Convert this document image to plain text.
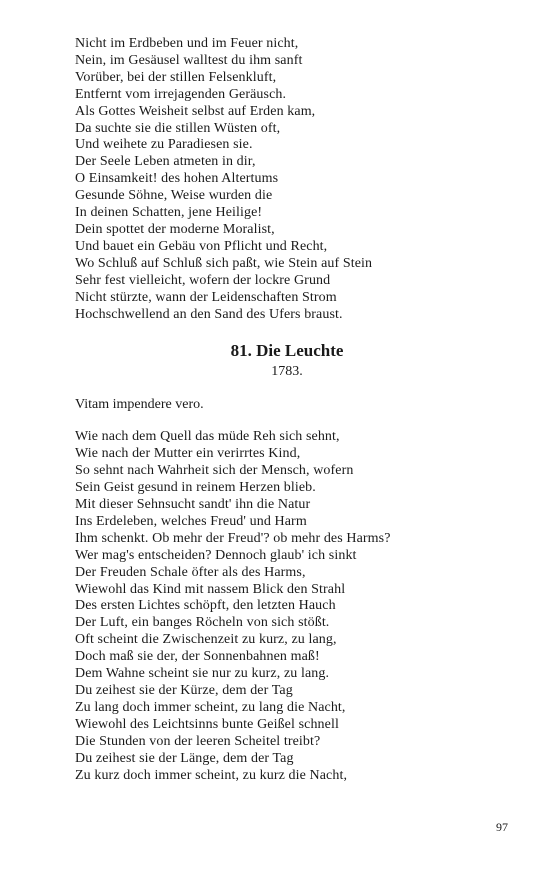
Nicht im Erdbeben und im Feuer nicht,
Nein, im Gesäusel walltest du ihm sanft
Vorüber, bei der stillen Felsenkluft,
Entfernt vom irrejagenden Geräusch.
Als Gottes Weisheit selbst auf Erden kam,
Da suchte sie die stillen Wüsten oft,
Und weihete zu Paradiesen sie.
Der Seele Leben atmeten in dir,
O Einsamkeit! des hohen Altertums
Gesunde Söhne, Weise wurden die
In deinen Schatten, jene Heilige!
Dein spottet der moderne Moralist,
Und bauet ein Gebäu von Pflicht und Recht,
Wo Schluß auf Schluß sich paßt, wie Stein auf Stein
Sehr fest vielleicht, wofern der lockre Grund
Nicht stürzte, wann der Leidenschaften Strom
Hochschwellend an den Sand des Ufers braust.
81. Die Leuchte
1783.
Vitam impendere vero.
Wie nach dem Quell das müde Reh sich sehnt,
Wie nach der Mutter ein verirrtes Kind,
So sehnt nach Wahrheit sich der Mensch, wofern
Sein Geist gesund in reinem Herzen blieb.
Mit dieser Sehnsucht sandt' ihn die Natur
Ins Erdeleben, welches Freud' und Harm
Ihm schenkt. Ob mehr der Freud'? ob mehr des Harms?
Wer mag's entscheiden? Dennoch glaub' ich sinkt
Der Freuden Schale öfter als des Harms,
Wiewohl das Kind mit nassem Blick den Strahl
Des ersten Lichtes schöpft, den letzten Hauch
Der Luft, ein banges Röcheln von sich stößt.
Oft scheint die Zwischenzeit zu kurz, zu lang,
Doch maß sie der, der Sonnenbahnen maß!
Dem Wahne scheint sie nur zu kurz, zu lang.
Du zeihest sie der Kürze, dem der Tag
Zu lang doch immer scheint, zu lang die Nacht,
Wiewohl des Leichtsinns bunte Geißel schnell
Die Stunden von der leeren Scheitel treibt?
Du zeihest sie der Länge, dem der Tag
Zu kurz doch immer scheint, zu kurz die Nacht,
97
